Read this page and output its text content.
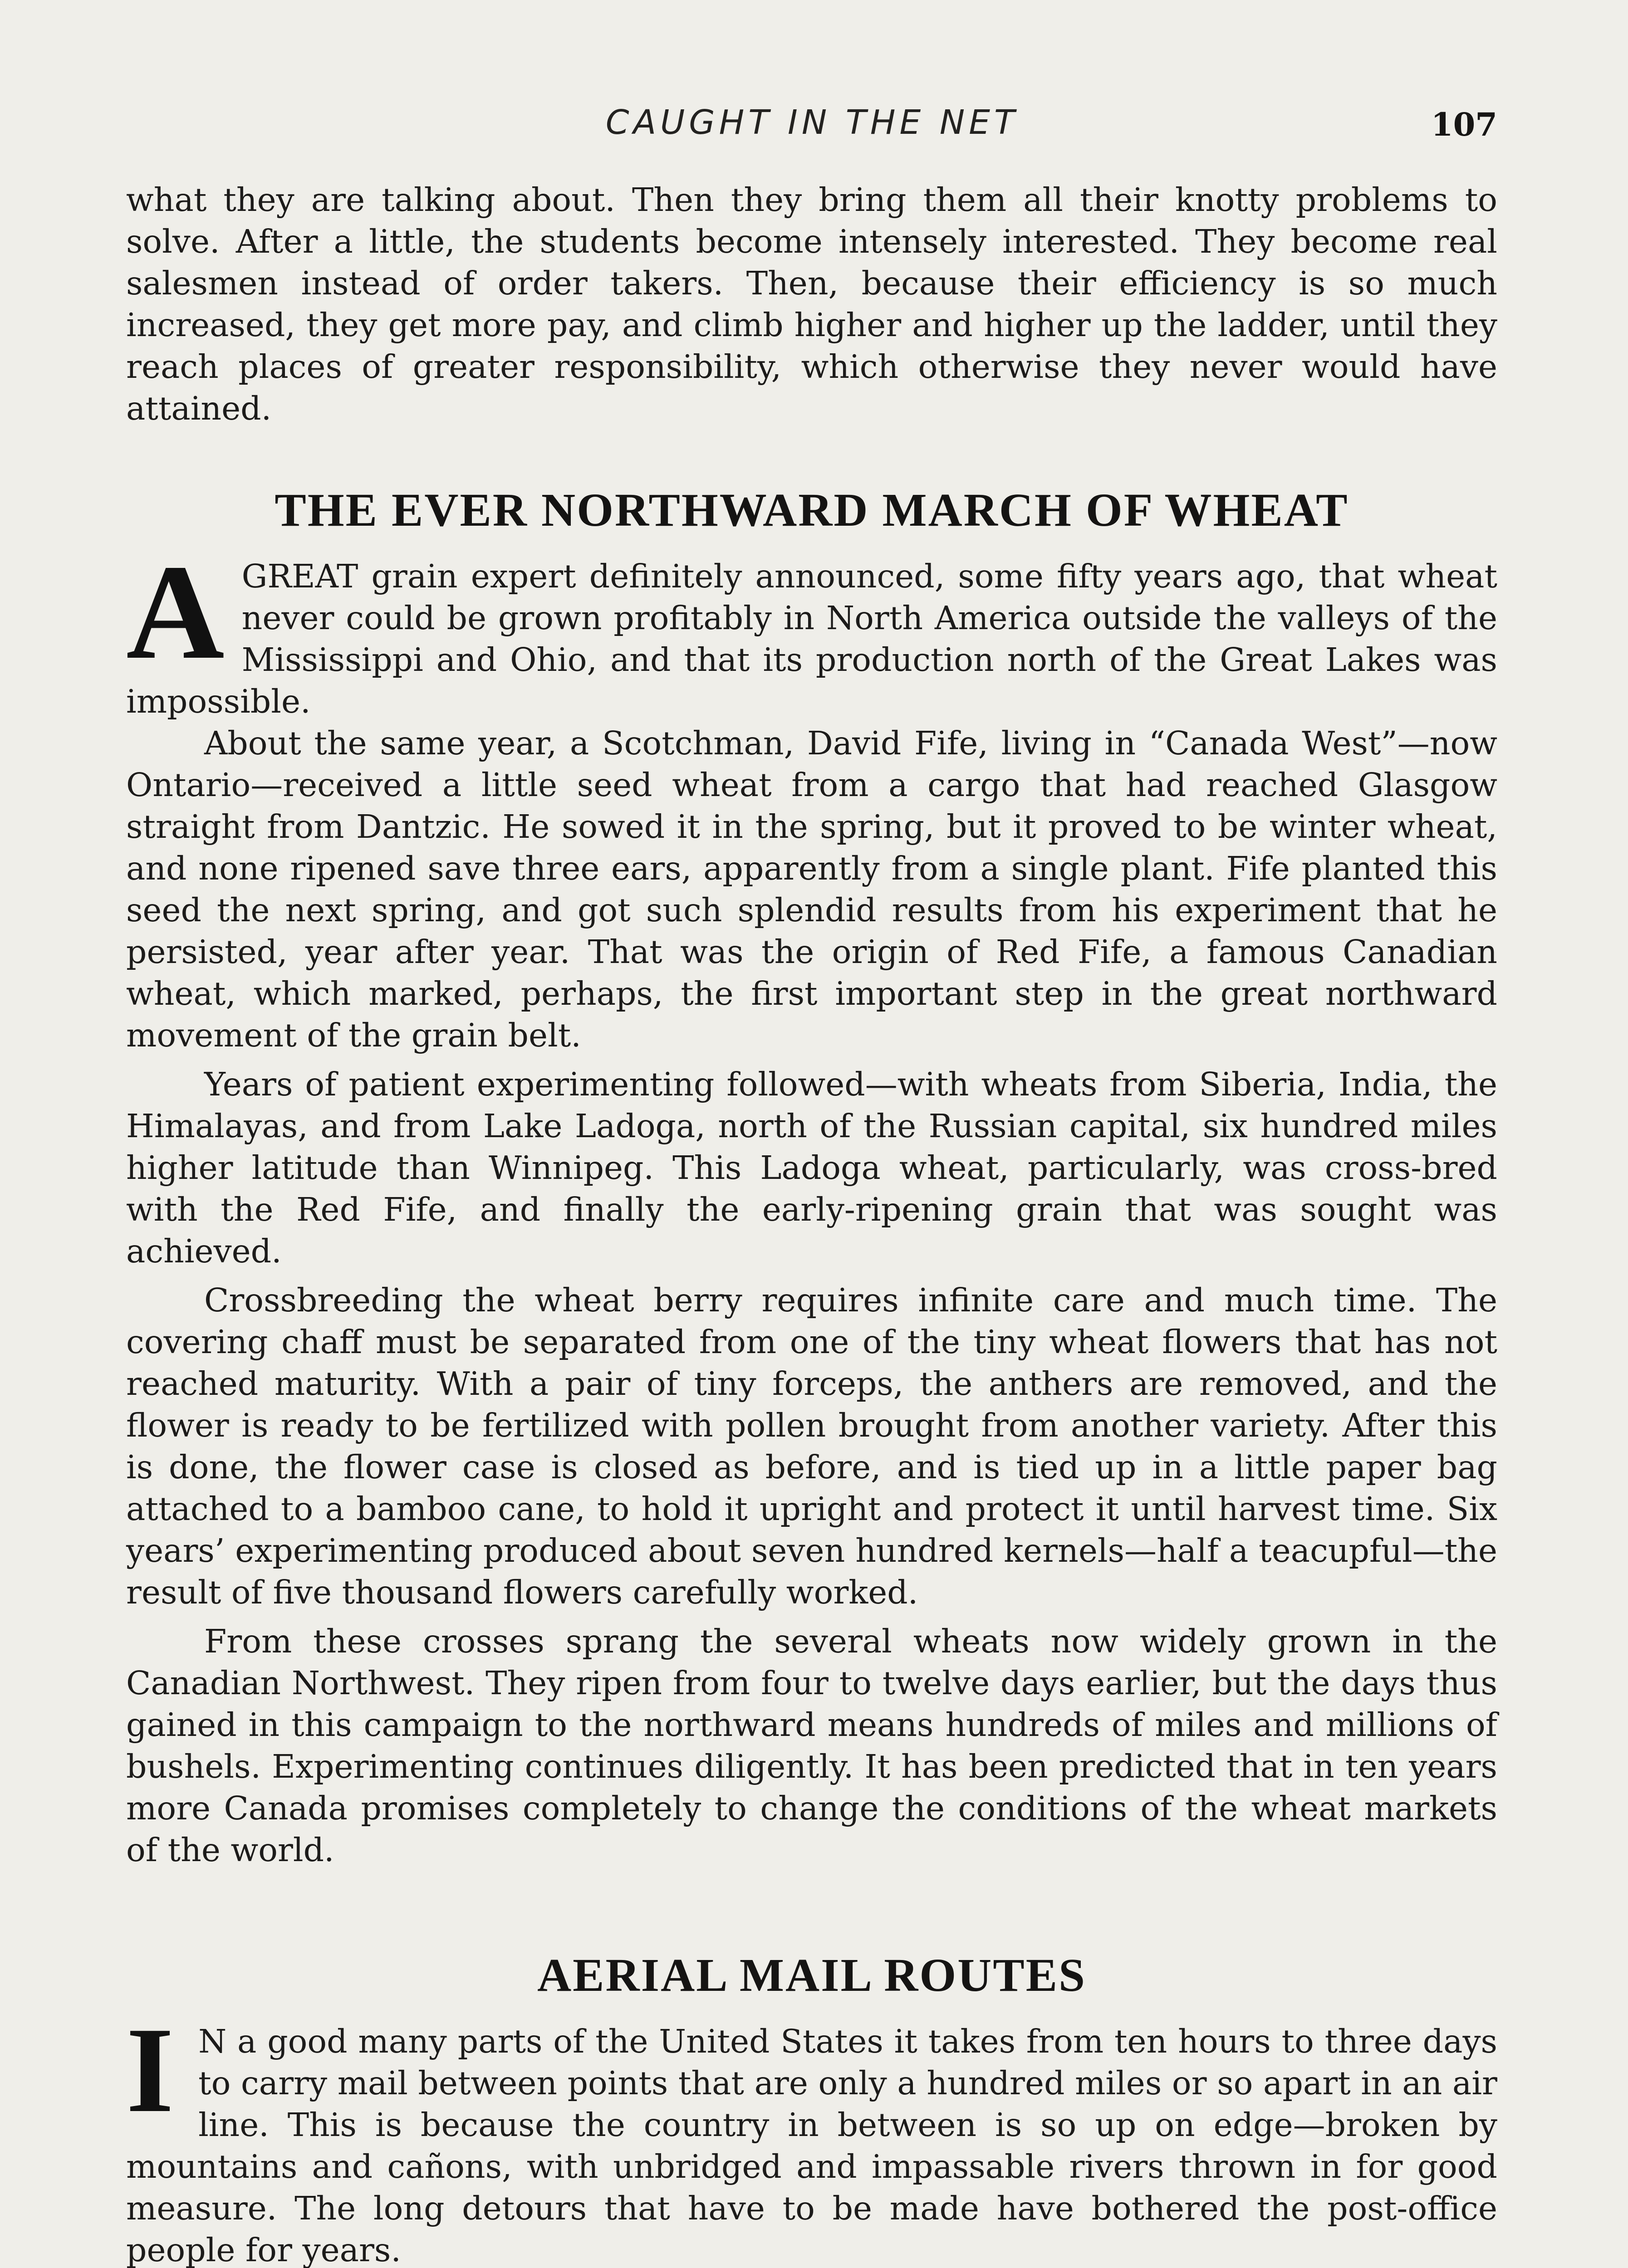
CAUGHT IN THE NET	107

what they are talking about. Then they bring them all their knotty problems to solve. After a little, the students become intensely interested. They become real salesmen instead of order takers. Then, because their efficiency is so much increased, they get more pay, and climb higher and higher up the ladder, until they reach places of greater responsibility, which otherwise they never would have attained.

THE EVER NORTHWARD MARCH OF WHEAT

AGREAT grain expert definitely announced, some fifty years ago, that wheat never could be grown profitably in North America outside the valleys of the Mississippi and Ohio, and that its production north of the Great Lakes was impossible.

About the same year, a Scotchman, David Fife, living in “Canada West”—now Ontario—received a little seed wheat from a cargo that had reached Glasgow straight from Dantzic. He sowed it in the spring, but it proved to be winter wheat, and none ripened save three ears, apparently from a single plant. Fife planted this seed the next spring, and got such splendid results from his experiment that he persisted, year after year. That was the origin of Red Fife, a famous Canadian wheat, which marked, perhaps, the first important step in the great northward movement of the grain belt.

Years of patient experimenting followed—with wheats from Siberia, India, the Himalayas, and from Lake Ladoga, north of the Russian capital, six hundred miles higher latitude than Winnipeg. This Ladoga wheat, particularly, was cross-bred with the Red Fife, and finally the early-ripening grain that was sought was achieved.

Crossbreeding the wheat berry requires infinite care and much time. The covering chaff must be separated from one of the tiny wheat flowers that has not reached maturity. With a pair of tiny forceps, the anthers are removed, and the flower is ready to be fertilized with pollen brought from another variety. After this is done, the flower case is closed as before, and is tied up in a little paper bag attached to a bamboo cane, to hold it upright and protect it until harvest time. Six years’ experimenting produced about seven hundred kernels—half a teacupful—the result of five thousand flowers carefully worked.

From these crosses sprang the several wheats now widely grown in the Canadian Northwest. They ripen from four to twelve days earlier, but the days thus gained in this campaign to the northward means hundreds of miles and millions of bushels. Experimenting continues diligently. It has been predicted that in ten years more Canada promises completely to change the conditions of the wheat markets of the world.

AERIAL MAIL ROUTES

I N a good many parts of the United States it takes from ten hours to three days to carry mail between points that are only a hundred miles or so apart in an air line. This is because the country in between is so up on edge—broken by mountains and cañons, with unbridged and impassable rivers thrown in for good measure. The long detours that have to be made have bothered the post-office people for years.
